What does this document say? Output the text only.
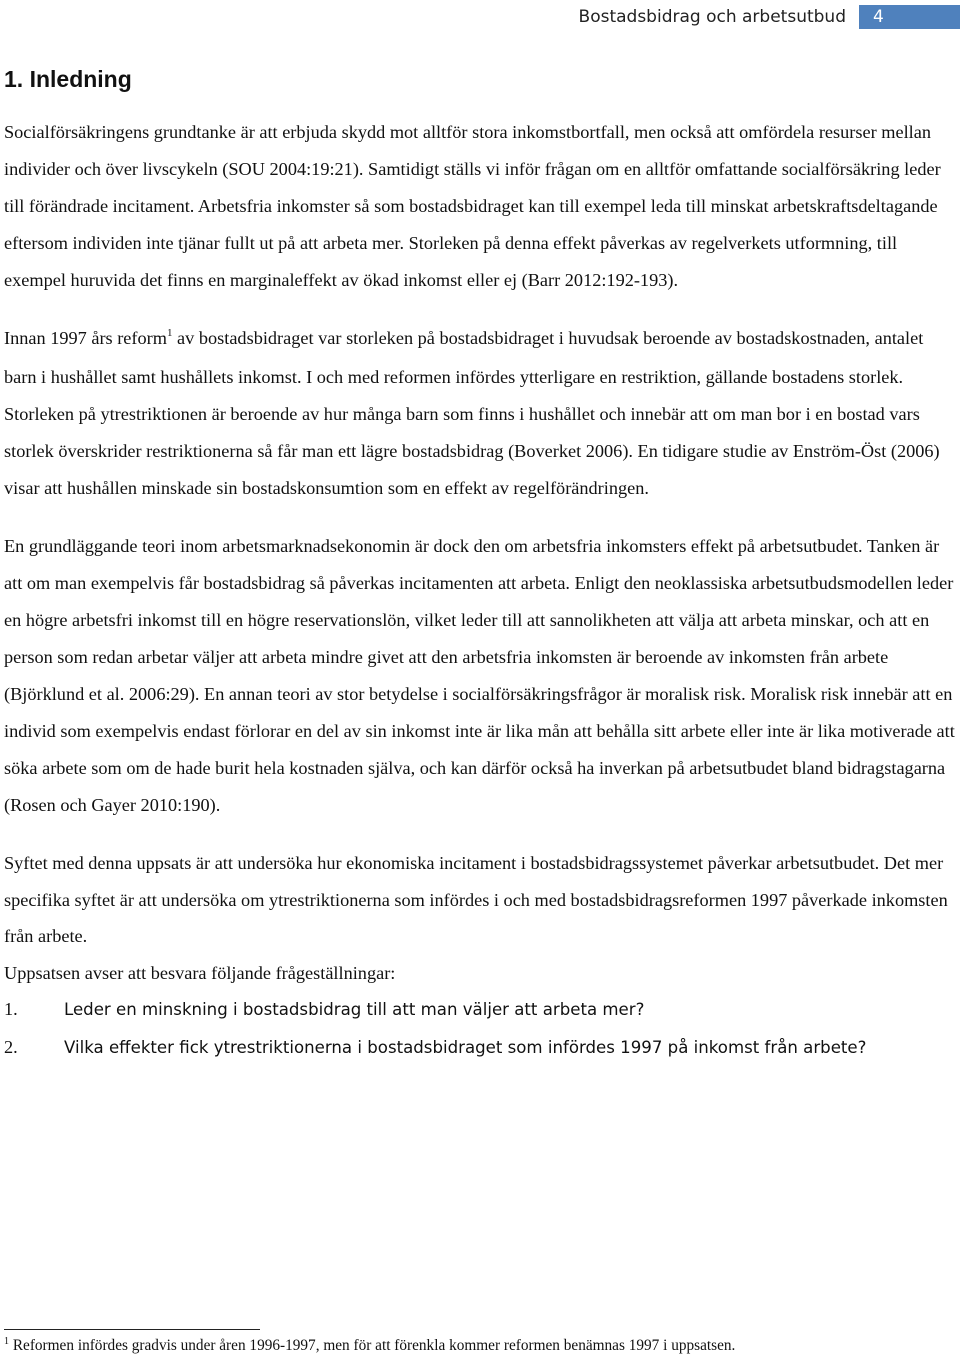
Bostadsbidrag och arbetsutbud	4
1. Inledning

Socialförsäkringens grundtanke är att erbjuda skydd mot alltför stora inkomstbortfall, men också att omfördela resurser mellan individer och över livscykeln (SOU 2004:19:21). Samtidigt ställs vi inför frågan om en alltför omfattande socialförsäkring leder till förändrade incitament. Arbetsfria inkomster så som bostadsbidraget kan till exempel leda till minskat arbetskraftsdeltagande eftersom individen inte tjänar fullt ut på att arbeta mer. Storleken på denna effekt påverkas av regelverkets utformning, till exempel huruvida det finns en marginaleffekt av ökad inkomst eller ej (Barr 2012:192-193).

Innan 1997 års reform$^1$ av bostadsbidraget var storleken på bostadsbidraget i huvudsak beroende av bostadskostnaden, antalet barn i hushållet samt hushållets inkomst. I och med reformen infördes ytterligare en restriktion, gällande bostadens storlek. Storleken på ytrestriktionen är beroende av hur många barn som finns i hushållet och innebär att om man bor i en bostad vars storlek överskrider restriktionerna så får man ett lägre bostadsbidrag (Boverket 2006). En tidigare studie av Enström-Öst (2006) visar att hushållen minskade sin bostadskonsumtion som en effekt av regelförändringen.

En grundläggande teori inom arbetsmarknadsekonomin är dock den om arbetsfria inkomsters effekt på arbetsutbudet. Tanken är att om man exempelvis får bostadsbidrag så påverkas incitamenten att arbeta. Enligt den neoklassiska arbetsutbudsmodellen leder en högre arbetsfri inkomst till en högre reservationslön, vilket leder till att sannolikheten att välja att arbeta minskar, och att en person som redan arbetar väljer att arbeta mindre givet att den arbetsfria inkomsten är beroende av inkomsten från arbete (Björklund et al. 2006:29). En annan teori av stor betydelse i socialförsäkringsfrågor är moralisk risk. Moralisk risk innebär att en individ som exempelvis endast förlorar en del av sin inkomst inte är lika mån att behålla sitt arbete eller inte är lika motiverade att söka arbete som om de hade burit hela kostnaden själva, och kan därför också ha inverkan på arbetsutbudet bland bidragstagarna (Rosen och Gayer 2010:190).

Syftet med denna uppsats är att undersöka hur ekonomiska incitament i bostadsbidragssystemet påverkar arbetsutbudet. Det mer specifika syftet är att undersöka om ytrestriktionerna som infördes i och med bostadsbidragsreformen 1997 påverkade inkomsten från arbete.

Uppsatsen avser att besvara följande frågeställningar:

1.	Leder en minskning i bostadsbidrag till att man väljer att arbeta mer?
2.	Vilka effekter fick ytrestriktionerna i bostadsbidraget som infördes 1997 på inkomst från arbete?

$^1$ Reformen infördes gradvis under åren 1996-1997, men för att förenkla kommer reformen benämnas 1997 i uppsatsen.
